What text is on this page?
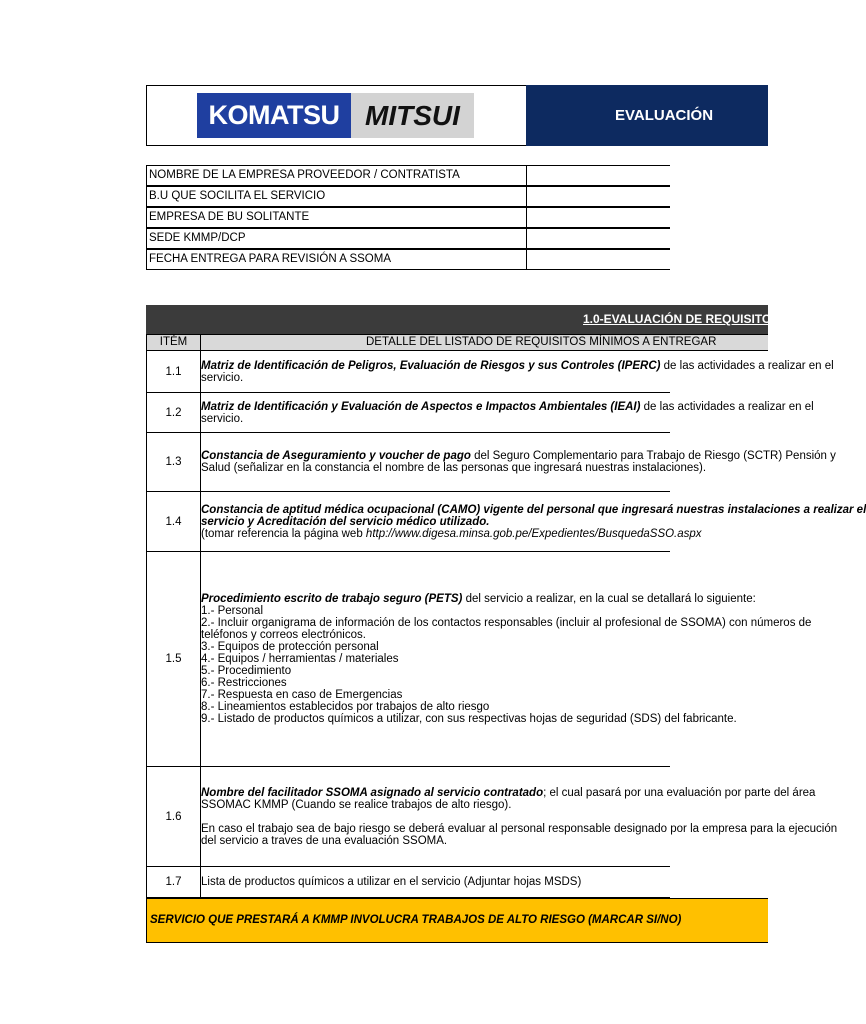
KOMATSU MITSUI	EVALUACIÓN
NOMBRE DE LA EMPRESA PROVEEDOR / CONTRATISTA
B.U QUE SOCILITA EL SERVICIO
EMPRESA DE BU SOLITANTE
SEDE KMMP/DCP
FECHA ENTREGA PARA REVISIÓN A SSOMA
1.0-EVALUACIÓN DE REQUISITOS MÍNIMOS
ITÉM	DETALLE DEL LISTADO DE REQUISITOS MÍNIMOS A ENTREGAR
1.1	Matriz de Identificación de Peligros, Evaluación de Riesgos y sus Controles (IPERC) de las actividades a realizar en el
servicio.
1.2	Matriz de Identificación y Evaluación de Aspectos e Impactos Ambientales (IEAI) de las actividades a realizar en el
servicio.
1.3	Constancia de Aseguramiento y voucher de pago del Seguro Complementario para Trabajo de Riesgo (SCTR) Pensión y
Salud (señalizar en la constancia el nombre de las personas que ingresará nuestras instalaciones).
1.4
Constancia de aptitud médica ocupacional (CAMO) vigente del personal que ingresará nuestras instalaciones a realizar el
servicio y Acreditación del servicio médico utilizado.
(tomar referencia la página web http://www.digesa.minsa.gob.pe/Expedientes/BusquedaSSO.aspx
1.5
Procedimiento escrito de trabajo seguro (PETS) del servicio a realizar, en la cual se detallará lo siguiente:
1.- Personal
2.- Incluir organigrama de información de los contactos responsables (incluir al profesional de SSOMA) con números de
teléfonos y correos electrónicos.
3.- Equipos de protección personal
4.- Equipos / herramientas / materiales
5.- Procedimiento
6.- Restricciones
7.- Respuesta en caso de Emergencias
8.- Lineamientos establecidos por trabajos de alto riesgo
9.- Listado de productos químicos a utilizar, con sus respectivas hojas de seguridad (SDS) del fabricante.
1.6
Nombre del facilitador SSOMA asignado al servicio contratado; el cual pasará por una evaluación por parte del área
SSOMAC KMMP (Cuando se realice trabajos de alto riesgo).
En caso el trabajo sea de bajo riesgo se deberá evaluar al personal responsable designado por la empresa para la ejecución
del servicio a traves de una evaluación SSOMA.
1.7	Lista de productos químicos a utilizar en el servicio (Adjuntar hojas MSDS)
SERVICIO QUE PRESTARÁ A KMMP INVOLUCRA TRABAJOS DE ALTO RIESGO (MARCAR SI/NO)
